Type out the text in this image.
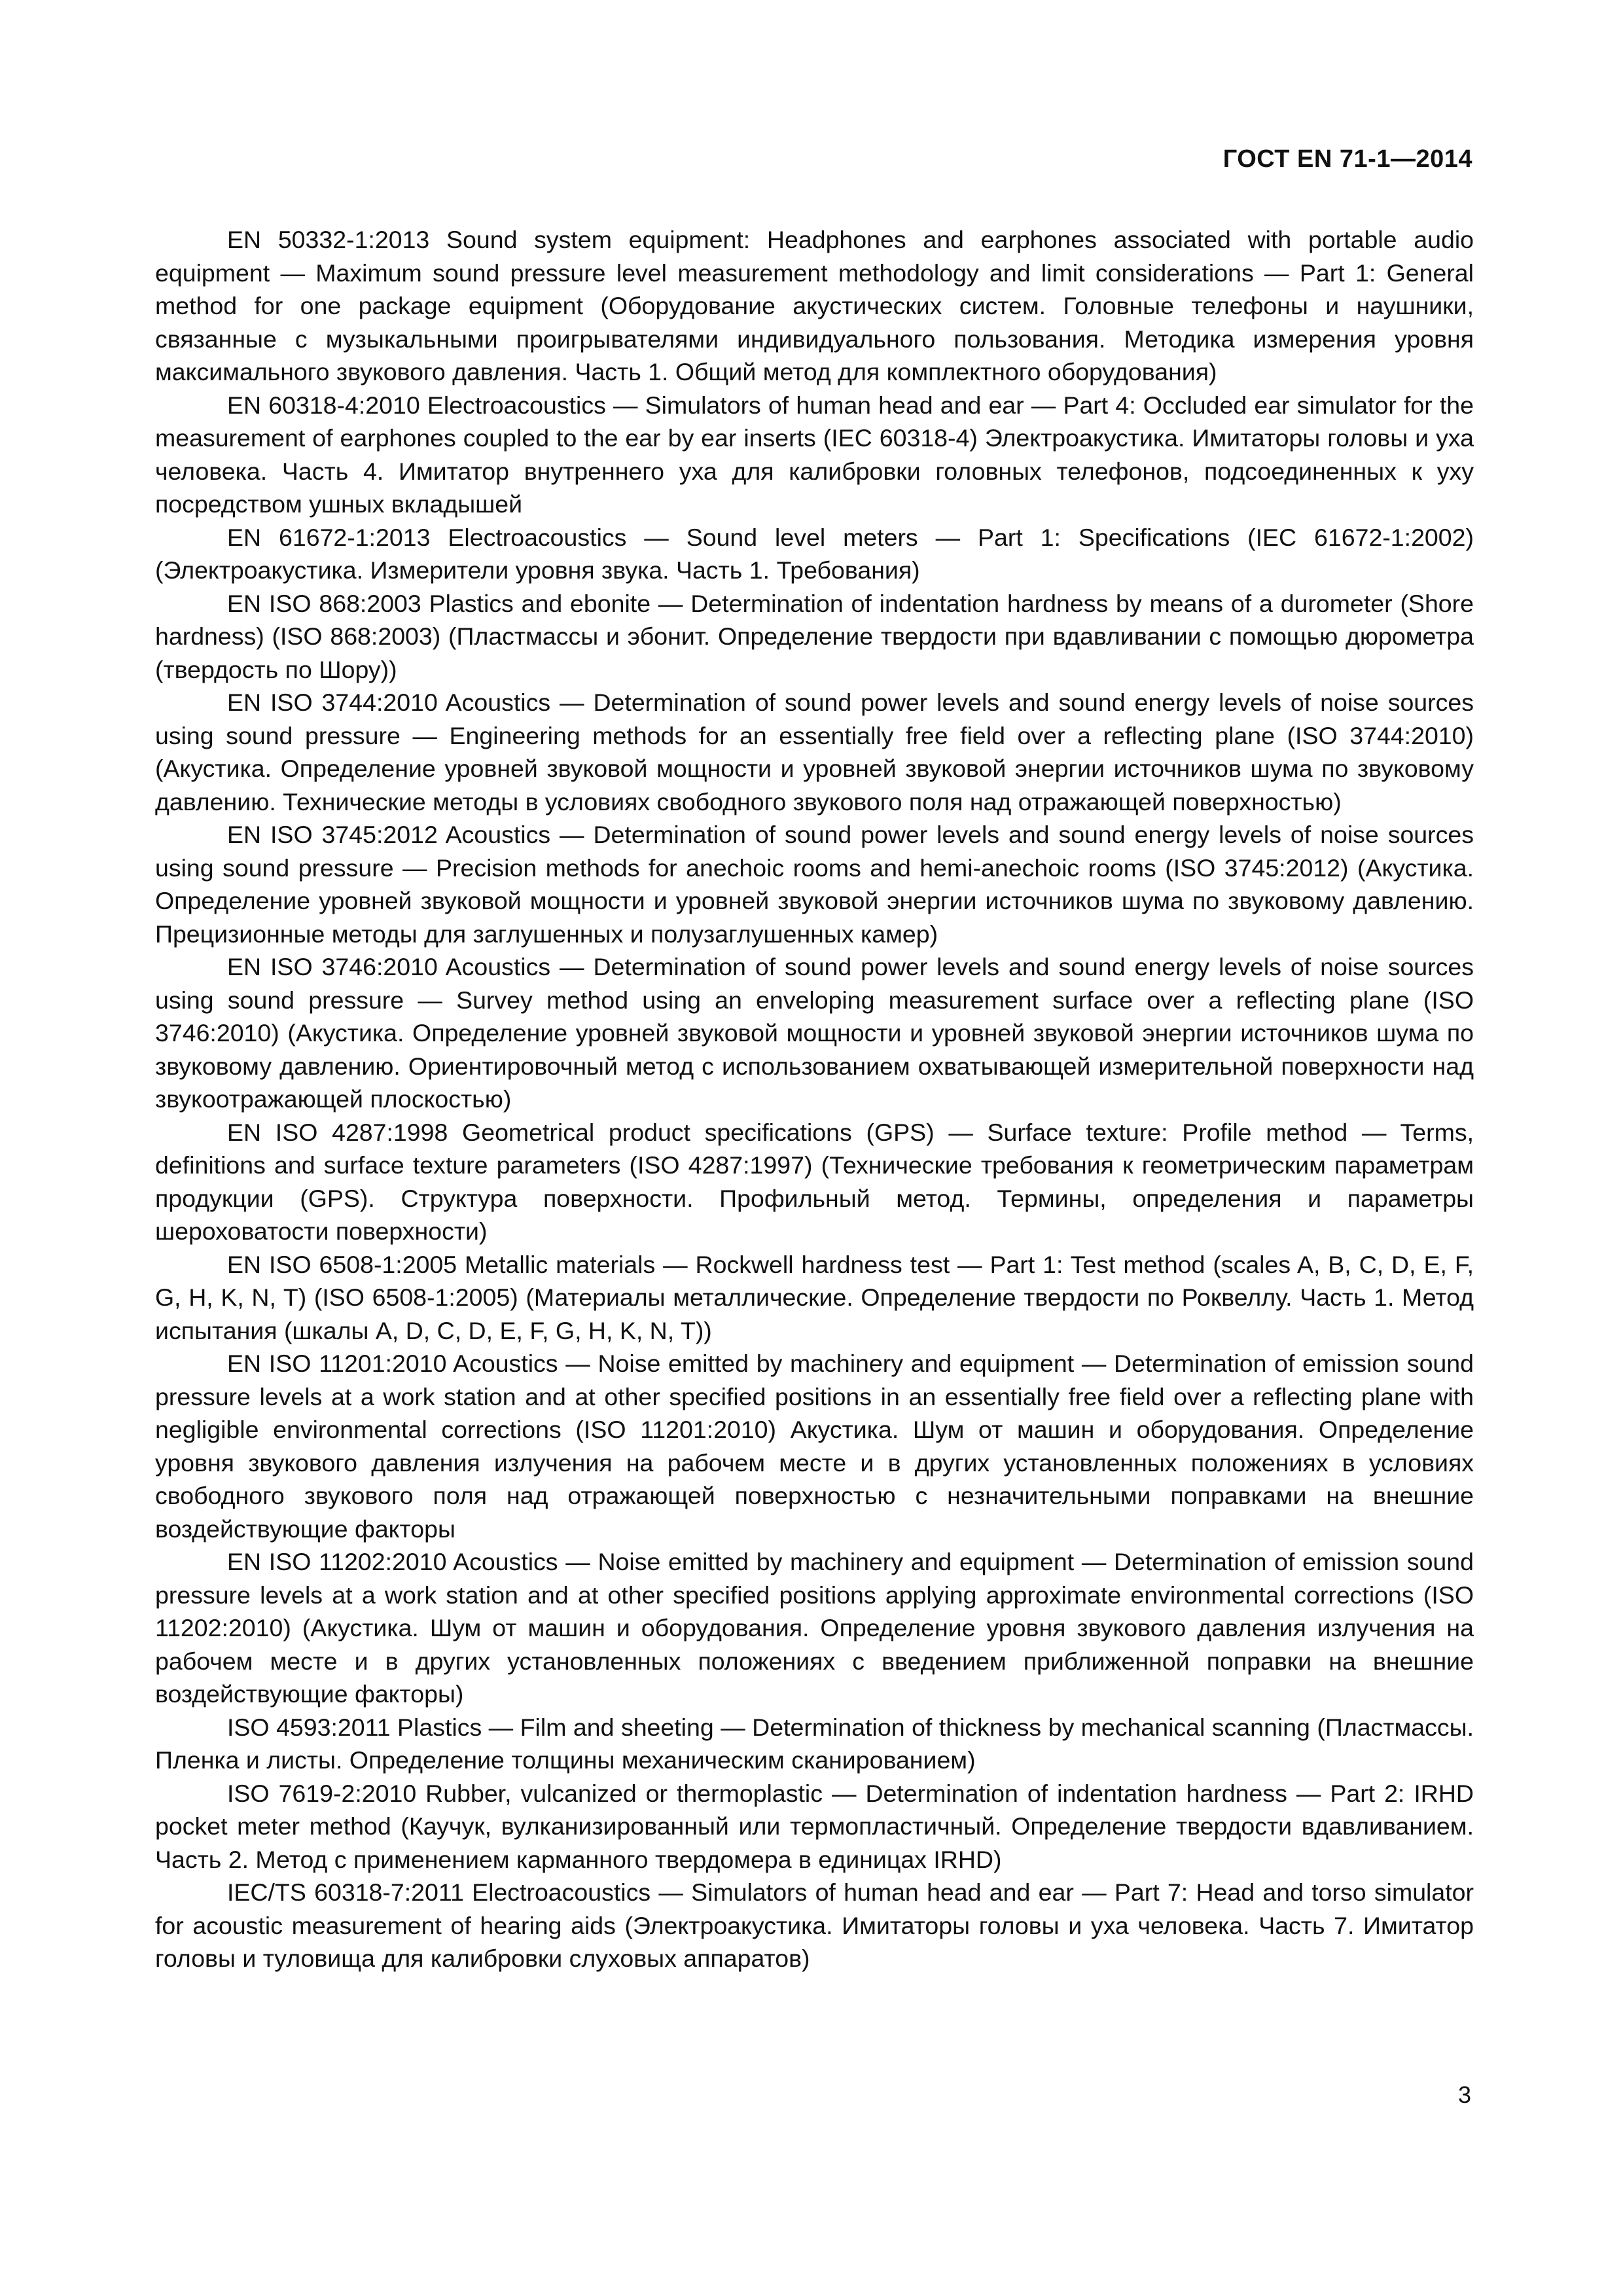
ГОСТ EN 71-1—2014

EN 50332-1:2013 Sound system equipment: Headphones and earphones associated with portable audio equipment — Maximum sound pressure level measurement methodology and limit considerations — Part 1: General method for one package equipment (Оборудование акустических систем. Головные телефоны и наушники, связанные с музыкальными проигрывателями индивидуального пользования. Методика измерения уровня максимального звукового давления. Часть 1. Общий метод для комплектного оборудования)

EN 60318-4:2010 Electroacoustics — Simulators of human head and ear — Part 4: Occluded ear simulator for the measurement of earphones coupled to the ear by ear inserts (IEC 60318-4) Электроакустика. Имитаторы головы и уха человека. Часть 4. Имитатор внутреннего уха для калибровки головных телефонов, подсоединенных к уху посредством ушных вкладышей

EN 61672-1:2013 Electroacoustics — Sound level meters — Part 1: Specifications (IEC 61672-1:2002) (Электроакустика. Измерители уровня звука. Часть 1. Требования)

EN ISO 868:2003 Plastics and ebonite — Determination of indentation hardness by means of a durometer (Shore hardness) (ISO 868:2003) (Пластмассы и эбонит. Определение твердости при вдавливании с помощью дюрометра (твердость по Шору))

EN ISO 3744:2010 Acoustics — Determination of sound power levels and sound energy levels of noise sources using sound pressure — Engineering methods for an essentially free field over a reflecting plane (ISO 3744:2010) (Акустика. Определение уровней звуковой мощности и уровней звуковой энергии источников шума по звуковому давлению. Технические методы в условиях свободного звукового поля над отражающей поверхностью)

EN ISO 3745:2012 Acoustics — Determination of sound power levels and sound energy levels of noise sources using sound pressure — Precision methods for anechoic rooms and hemi-anechoic rooms (ISO 3745:2012) (Акустика. Определение уровней звуковой мощности и уровней звуковой энергии источников шума по звуковому давлению. Прецизионные методы для заглушенных и полузаглушенных камер)

EN ISO 3746:2010 Acoustics — Determination of sound power levels and sound energy levels of noise sources using sound pressure — Survey method using an enveloping measurement surface over a reflecting plane (ISO 3746:2010) (Акустика. Определение уровней звуковой мощности и уровней звуковой энергии источников шума по звуковому давлению. Ориентировочный метод с использованием охватывающей измерительной поверхности над звукоотражающей плоскостью)

EN ISO 4287:1998 Geometrical product specifications (GPS) — Surface texture: Profile method — Terms, definitions and surface texture parameters (ISO 4287:1997) (Технические требования к геометрическим параметрам продукции (GPS). Структура поверхности. Профильный метод. Термины, определения и параметры шероховатости поверхности)

EN ISO 6508-1:2005 Metallic materials — Rockwell hardness test — Part 1: Test method (scales A, B, C, D, E, F, G, H, K, N, T) (ISO 6508-1:2005) (Материалы металлические. Определение твердости по Роквеллу. Часть 1. Метод испытания (шкалы A, D, C, D, E, F, G, H, K, N, T))

EN ISO 11201:2010 Acoustics — Noise emitted by machinery and equipment — Determination of emission sound pressure levels at a work station and at other specified positions in an essentially free field over a reflecting plane with negligible environmental corrections (ISO 11201:2010) Акустика. Шум от машин и оборудования. Определение уровня звукового давления излучения на рабочем месте и в других установленных положениях в условиях свободного звукового поля над отражающей поверхностью с незначительными поправками на внешние воздействующие факторы

EN ISO 11202:2010 Acoustics — Noise emitted by machinery and equipment — Determination of emission sound pressure levels at a work station and at other specified positions applying approximate environmental corrections (ISO 11202:2010) (Акустика. Шум от машин и оборудования. Определение уровня звукового давления излучения на рабочем месте и в других установленных положениях с введением приближенной поправки на внешние воздействующие факторы)

ISO 4593:2011 Plastics — Film and sheeting — Determination of thickness by mechanical scanning (Пластмассы. Пленка и листы. Определение толщины механическим сканированием)

ISO 7619-2:2010 Rubber, vulcanized or thermoplastic — Determination of indentation hardness — Part 2: IRHD pocket meter method (Каучук, вулканизированный или термопластичный. Определение твердости вдавливанием. Часть 2. Метод с применением карманного твердомера в единицах IRHD)

IEC/TS 60318-7:2011 Electroacoustics — Simulators of human head and ear — Part 7: Head and torso simulator for acoustic measurement of hearing aids (Электроакустика. Имитаторы головы и уха человека. Часть 7. Имитатор головы и туловища для калибровки слуховых аппаратов)

3
